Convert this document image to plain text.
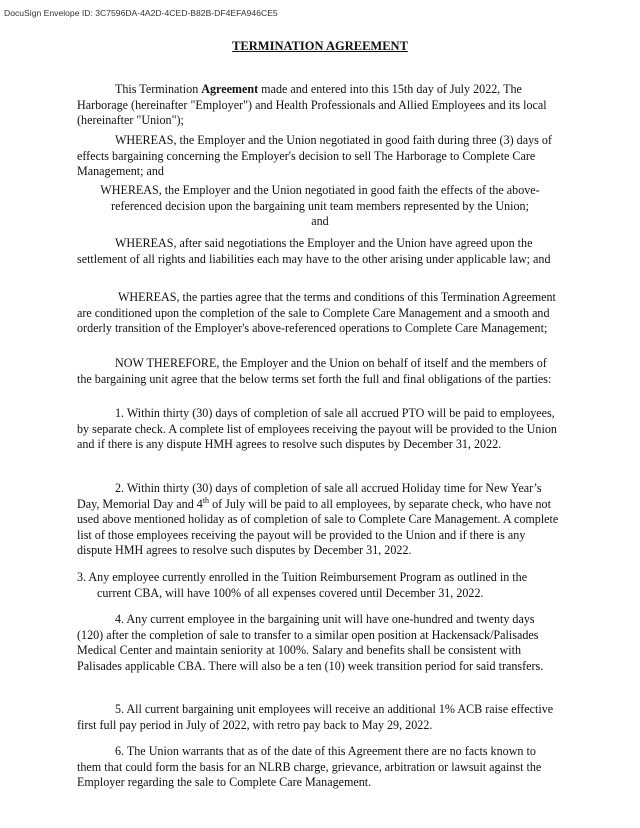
DocuSign Envelope ID: 3C7596DA-4A2D-4CED-B82B-DF4EFA946CE5
TERMINATION AGREEMENT

This Termination Agreement made and entered into this 15th day of July 2022, The Harborage (hereinafter "Employer") and Health Professionals and Allied Employees and its local (hereinafter "Union");

WHEREAS, the Employer and the Union negotiated in good faith during three (3) days of effects bargaining concerning the Employer's decision to sell The Harborage to Complete Care Management; and

WHEREAS, the Employer and the Union negotiated in good faith the effects of the above-referenced decision upon the bargaining unit team members represented by the Union;

and

WHEREAS, after said negotiations the Employer and the Union have agreed upon the settlement of all rights and liabilities each may have to the other arising under applicable law; and

WHEREAS, the parties agree that the terms and conditions of this Termination Agreement are conditioned upon the completion of the sale to Complete Care Management and a smooth and orderly transition of the Employer's above-referenced operations to Complete Care Management;

NOW THEREFORE, the Employer and the Union on behalf of itself and the members of the bargaining unit agree that the below terms set forth the full and final obligations of the parties:

1. Within thirty (30) days of completion of sale all accrued PTO will be paid to employees, by separate check. A complete list of employees receiving the payout will be provided to the Union and if there is any dispute HMH agrees to resolve such disputes by December 31, 2022.

2. Within thirty (30) days of completion of sale all accrued Holiday time for New Year’s Day, Memorial Day and 4th of July will be paid to all employees, by separate check, who have not used above mentioned holiday as of completion of sale to Complete Care Management. A complete list of those employees receiving the payout will be provided to the Union and if there is any dispute HMH agrees to resolve such disputes by December 31, 2022.

3. Any employee currently enrolled in the Tuition Reimbursement Program as outlined in the
current CBA, will have 100% of all expenses covered until December 31, 2022.

4. Any current employee in the bargaining unit will have one-hundred and twenty days (120) after the completion of sale to transfer to a similar open position at Hackensack/Palisades Medical Center and maintain seniority at 100%. Salary and benefits shall be consistent with Palisades applicable CBA. There will also be a ten (10) week transition period for said transfers.

5. All current bargaining unit employees will receive an additional 1% ACB raise effective first full pay period in July of 2022, with retro pay back to May 29, 2022.

6. The Union warrants that as of the date of this Agreement there are no facts known to them that could form the basis for an NLRB charge, grievance, arbitration or lawsuit against the Employer regarding the sale to Complete Care Management.
